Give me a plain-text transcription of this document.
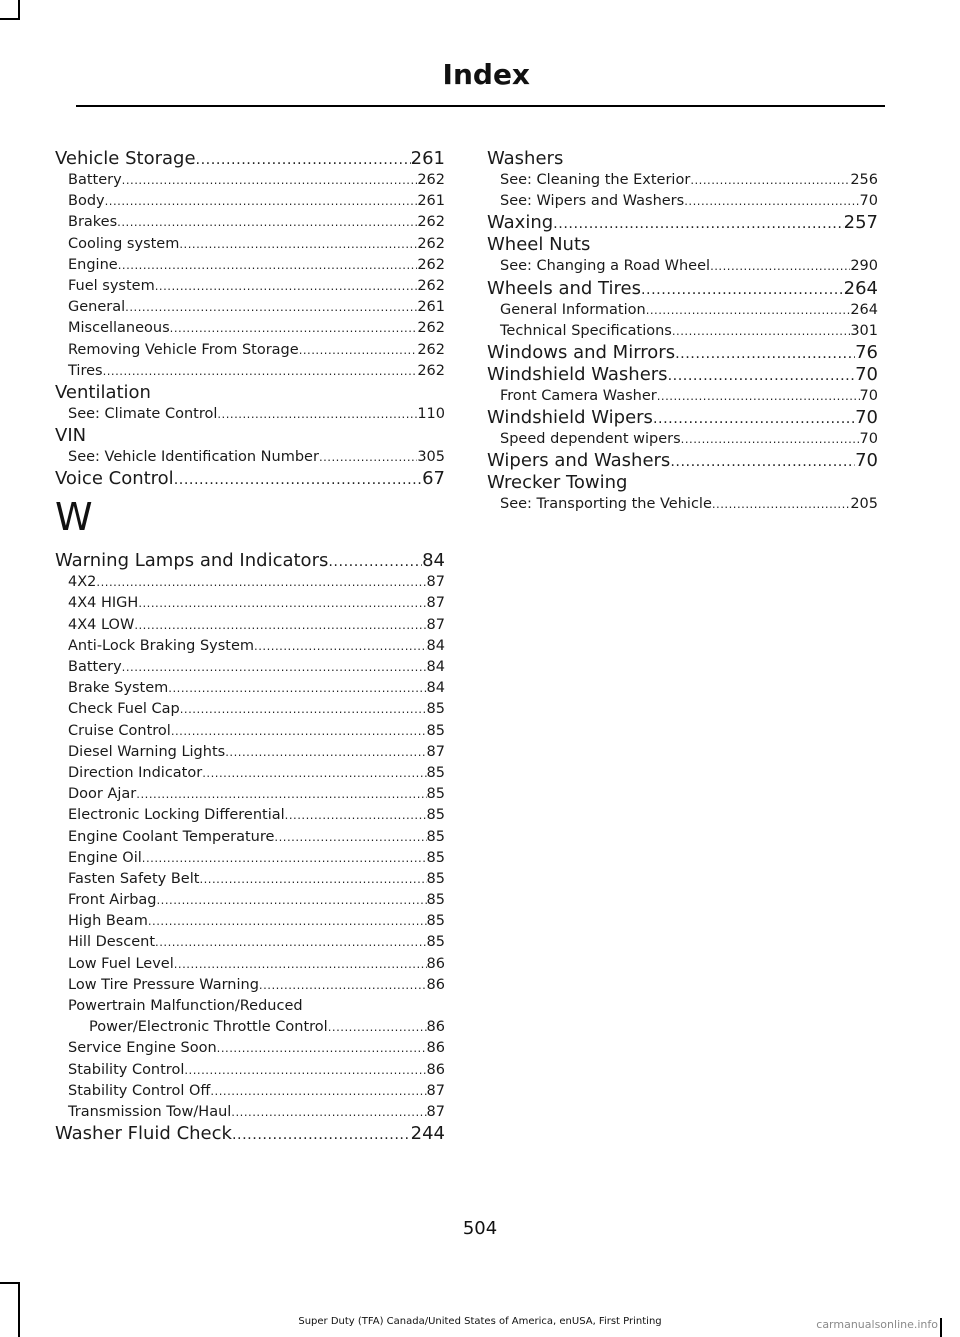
Index
Vehicle Storage .....	261
Battery .....	262
Body .....	261
Brakes .....	262
Cooling system .....	262
Engine .....	262
Fuel system .....	262
General .....	261
Miscellaneous .....	262
Removing Vehicle From Storage .....	262
Tires .....	262
Ventilation
See: Climate Control .....	110
VIN
See: Vehicle Identification Number .....	305
Voice Control .....	67
W
Warning Lamps and Indicators .....	84
4X2 .....	87
4X4 HIGH .....	87
4X4 LOW .....	87
Anti-Lock Braking System .....	84
Battery .....	84
Brake System .....	84
Check Fuel Cap .....	85
Cruise Control .....	85
Diesel Warning Lights .....	87
Direction Indicator .....	85
Door Ajar .....	85
Electronic Locking Differential .....	85
Engine Coolant Temperature .....	85
Engine Oil .....	85
Fasten Safety Belt .....	85
Front Airbag .....	85
High Beam .....	85
Hill Descent .....	85
Low Fuel Level .....	86
Low Tire Pressure Warning .....	86
Powertrain Malfunction/Reduced
Power/Electronic Throttle Control .....	86
Service Engine Soon .....	86
Stability Control .....	86
Stability Control Off .....	87
Transmission Tow/Haul .....	87
Washer Fluid Check .....	244
Washers
See: Cleaning the Exterior .....	256
See: Wipers and Washers .....	70
Waxing .....	257
Wheel Nuts
See: Changing a Road Wheel .....	290
Wheels and Tires .....	264
General Information .....	264
Technical Specifications .....	301
Windows and Mirrors .....	76
Windshield Washers .....	70
Front Camera Washer .....	70
Windshield Wipers .....	70
Speed dependent wipers .....	70
Wipers and Washers .....	70
Wrecker Towing
See: Transporting the Vehicle .....	205
504
Super Duty (TFA) Canada/United States of America, enUSA, First Printing	carmanualsonline.info
